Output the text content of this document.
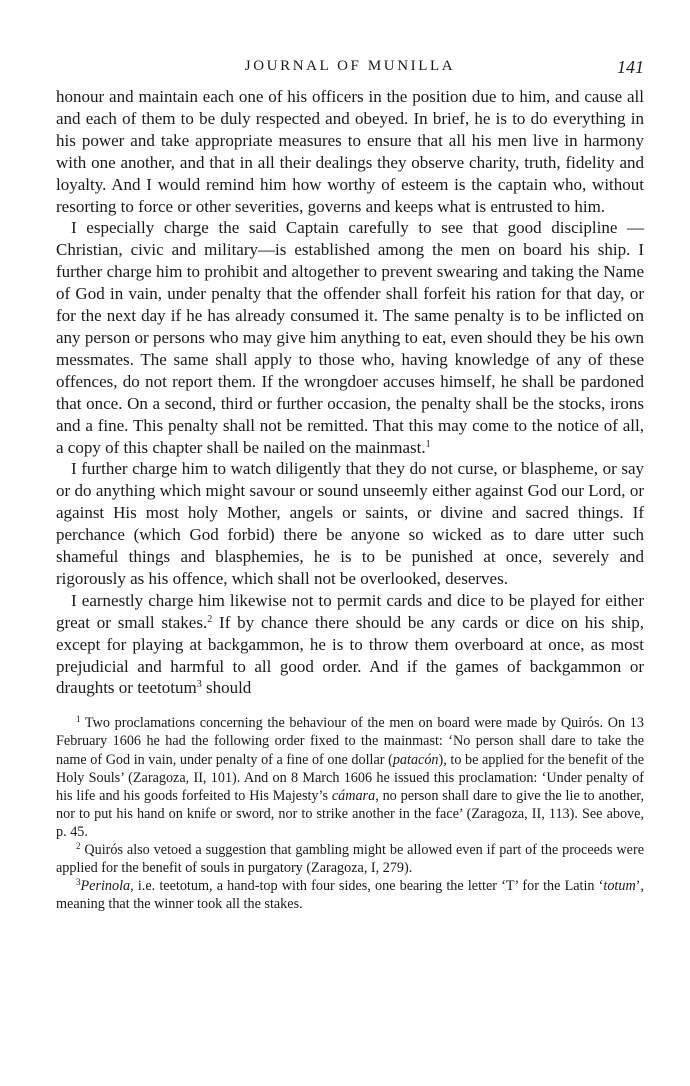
JOURNAL OF MUNILLA	141

honour and maintain each one of his officers in the position due to him, and cause all and each of them to be duly respected and obeyed. In brief, he is to do everything in his power and take appropriate measures to ensure that all his men live in harmony with one another, and that in all their dealings they observe charity, truth, fidelity and loyalty. And I would remind him how worthy of esteem is the captain who, without resorting to force or other severities, governs and keeps what is entrusted to him.

I especially charge the said Captain carefully to see that good discipline —Christian, civic and military—is established among the men on board his ship. I further charge him to prohibit and altogether to prevent swearing and taking the Name of God in vain, under penalty that the offender shall forfeit his ration for that day, or for the next day if he has already consumed it. The same penalty is to be inflicted on any person or persons who may give him anything to eat, even should they be his own messmates. The same shall apply to those who, having knowledge of any of these offences, do not report them. If the wrongdoer accuses himself, he shall be pardoned that once. On a second, third or further occasion, the penalty shall be the stocks, irons and a fine. This penalty shall not be remitted. That this may come to the notice of all, a copy of this chapter shall be nailed on the mainmast.$^1$

I further charge him to watch diligently that they do not curse, or blaspheme, or say or do anything which might savour or sound unseemly either against God our Lord, or against His most holy Mother, angels or saints, or divine and sacred things. If perchance (which God forbid) there be anyone so wicked as to dare utter such shameful things and blasphemies, he is to be punished at once, severely and rigorously as his offence, which shall not be overlooked, deserves.

I earnestly charge him likewise not to permit cards and dice to be played for either great or small stakes.$^2$ If by chance there should be any cards or dice on his ship, except for playing at backgammon, he is to throw them overboard at once, as most prejudicial and harmful to all good order. And if the games of backgammon or draughts or teetotum$^3$ should

$^1$ Two proclamations concerning the behaviour of the men on board were made by Quirós. On 13 February 1606 he had the following order fixed to the mainmast: ‘No person shall dare to take the name of God in vain, under penalty of a fine of one dollar (patacón), to be applied for the benefit of the Holy Souls’ (Zaragoza, II, 101). And on 8 March 1606 he issued this proclamation: ‘Under penalty of his life and his goods forfeited to His Majesty’s cámara, no person shall dare to give the lie to another, nor to put his hand on knife or sword, nor to strike another in the face’ (Zaragoza, II, 113). See above, p. 45.

$^2$ Quirós also vetoed a suggestion that gambling might be allowed even if part of the proceeds were applied for the benefit of souls in purgatory (Zaragoza, I, 279).

$^3$Perinola, i.e. teetotum, a hand-top with four sides, one bearing the letter ‘T’ for the Latin ‘totum’, meaning that the winner took all the stakes.
